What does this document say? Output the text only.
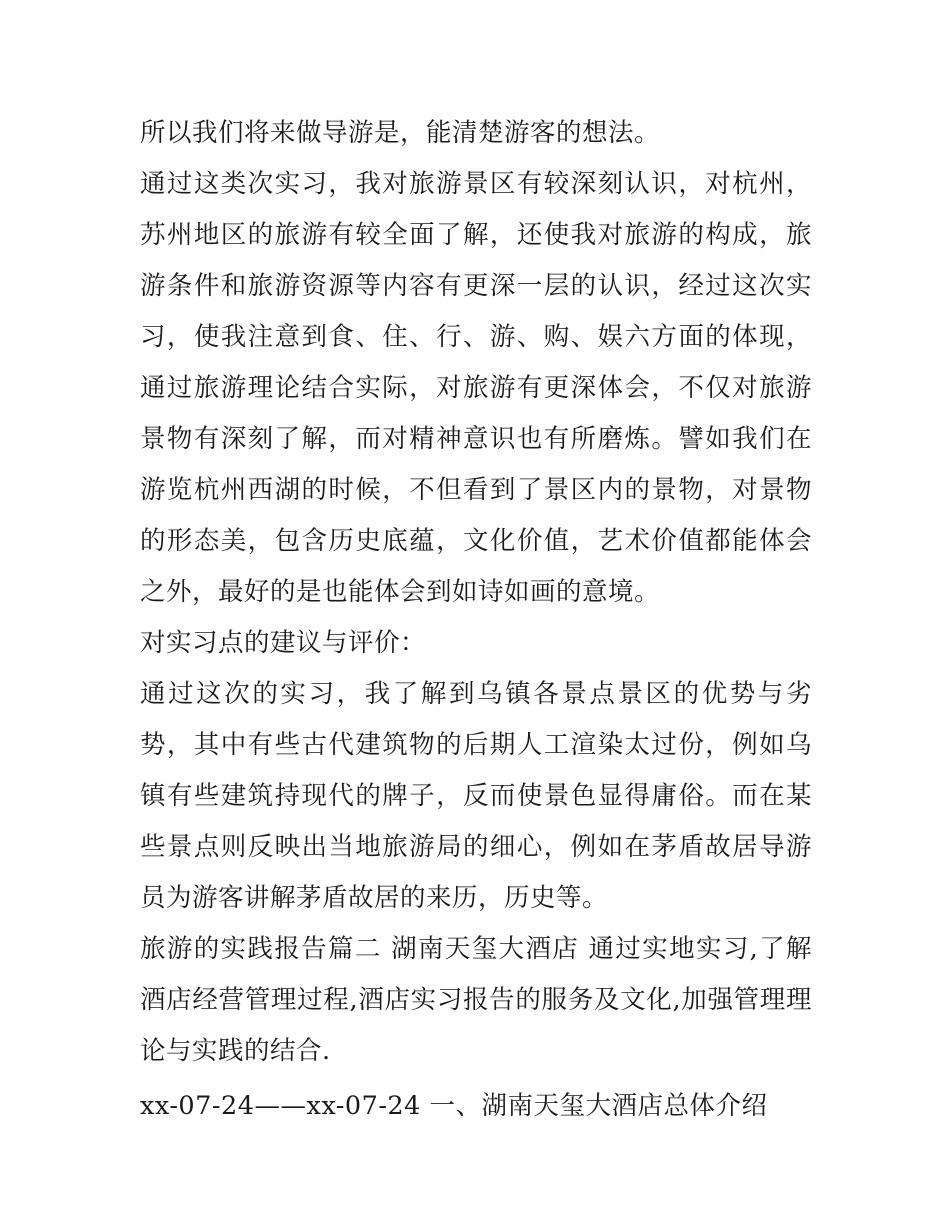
所以我们将来做导游是，能清楚游客的想法。

通过这类次实习，我对旅游景区有较深刻认识，对杭州，苏州地区的旅游有较全面了解，还使我对旅游的构成，旅游条件和旅游资源等内容有更深一层的认识，经过这次实习，使我注意到食、住、行、游、购、娱六方面的体现，通过旅游理论结合实际，对旅游有更深体会，不仅对旅游景物有深刻了解，而对精神意识也有所磨炼。譬如我们在游览杭州西湖的时候，不但看到了景区内的景物，对景物的形态美，包含历史底蕴，文化价值，艺术价值都能体会之外，最好的是也能体会到如诗如画的意境。

对实习点的建议与评价：

通过这次的实习，我了解到乌镇各景点景区的优势与劣势，其中有些古代建筑物的后期人工渲染太过份，例如乌镇有些建筑持现代的牌子，反而使景色显得庸俗。而在某些景点则反映出当地旅游局的细心，例如在茅盾故居导游员为游客讲解茅盾故居的来历，历史等。

旅游的实践报告篇二 湖南天玺大酒店 通过实地实习,了解酒店经营管理过程,酒店实习报告的服务及文化,加强管理理论与实践的结合.

xx-07-24——xx-07-24 一、湖南天玺大酒店总体介绍
